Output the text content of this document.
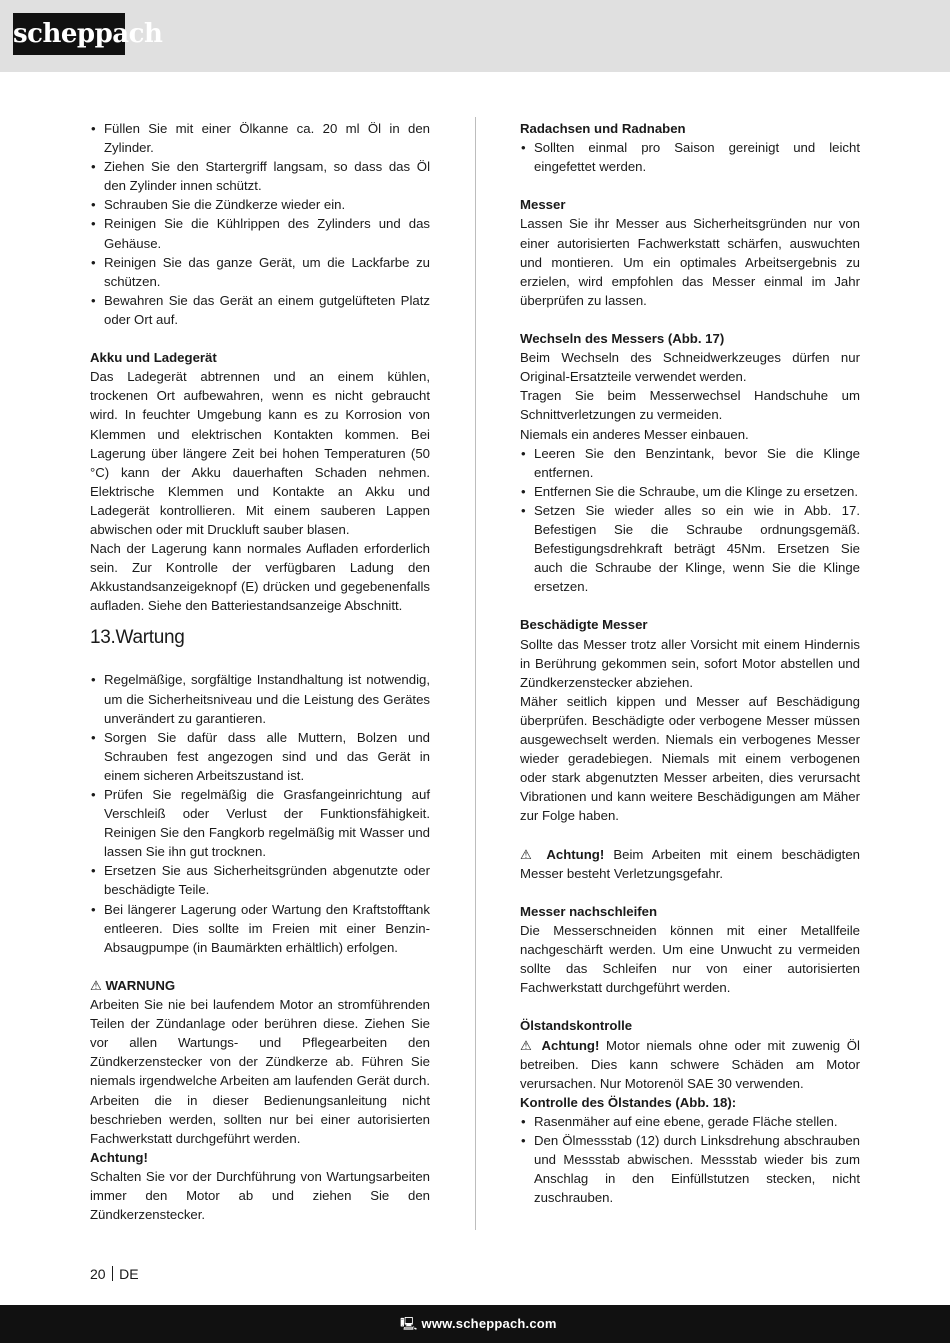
scheppach
• Füllen Sie mit einer Ölkanne ca. 20 ml Öl in den Zylinder.
• Ziehen Sie den Startergriff langsam, so dass das Öl den Zylinder innen schützt.
• Schrauben Sie die Zündkerze wieder ein.
• Reinigen Sie die Kühlrippen des Zylinders und das Gehäuse.
• Reinigen Sie das ganze Gerät, um die Lackfarbe zu schützen.
• Bewahren Sie das Gerät an einem gutgelüfteten Platz oder Ort auf.

Akku und Ladegerät

Das Ladegerät abtrennen und an einem kühlen, trockenen Ort aufbewahren, wenn es nicht gebraucht wird. In feuchter Umgebung kann es zu Korrosion von Klemmen und elektrischen Kontakten kommen. Bei Lagerung über längere Zeit bei hohen Temperaturen (50 °C) kann der Akku dauerhaften Schaden nehmen. Elektrische Klemmen und Kontakte an Akku und Ladegerät kontrollieren. Mit einem sauberen Lappen abwischen oder mit Druckluft sauber blasen.

Nach der Lagerung kann normales Aufladen erforderlich sein. Zur Kontrolle der verfügbaren Ladung den Akkustandsanzeigeknopf (E) drücken und gegebenenfalls aufladen. Siehe den Batteriestandsanzeige Abschnitt.

13.Wartung
• Regelmäßige, sorgfältige Instandhaltung ist notwendig, um die Sicherheitsniveau und die Leistung des Gerätes unverändert zu garantieren.
• Sorgen Sie dafür dass alle Muttern, Bolzen und Schrauben fest angezogen sind und das Gerät in einem sicheren Arbeitszustand ist.
• Prüfen Sie regelmäßig die Grasfangeinrichtung auf Verschleiß oder Verlust der Funktionsfähigkeit. Reinigen Sie den Fangkorb regelmäßig mit Wasser und lassen Sie ihn gut trocknen.
• Ersetzen Sie aus Sicherheitsgründen abgenutzte oder beschädigte Teile.
• Bei längerer Lagerung oder Wartung den Kraftstofftank entleeren. Dies sollte im Freien mit einer Benzin-Absaugpumpe (in Baumärkten erhältlich) erfolgen.

⚠ WARNUNG

Arbeiten Sie nie bei laufendem Motor an stromführenden Teilen der Zündanlage oder berühren diese. Ziehen Sie vor allen Wartungs- und Pflegearbeiten den Zündkerzenstecker von der Zündkerze ab. Führen Sie niemals irgendwelche Arbeiten am laufenden Gerät durch. Arbeiten die in dieser Bedienungsanleitung nicht beschrieben werden, sollten nur bei einer autorisierten Fachwerkstatt durchgeführt werden.

Achtung!

Schalten Sie vor der Durchführung von Wartungsarbeiten immer den Motor ab und ziehen Sie den Zündkerzenstecker.

Radachsen und Radnaben

• Sollten einmal pro Saison gereinigt und leicht eingefettet werden.

Messer

Lassen Sie ihr Messer aus Sicherheitsgründen nur von einer autorisierten Fachwerkstatt schärfen, auswuchten und montieren. Um ein optimales Arbeitsergebnis zu erzielen, wird empfohlen das Messer einmal im Jahr überprüfen zu lassen.

Wechseln des Messers (Abb. 17)

Beim Wechseln des Schneidwerkzeuges dürfen nur Original-Ersatzteile verwendet werden.

Tragen Sie beim Messerwechsel Handschuhe um Schnittverletzungen zu vermeiden.

Niemals ein anderes Messer einbauen.

• Leeren Sie den Benzintank, bevor Sie die Klinge entfernen.
• Entfernen Sie die Schraube, um die Klinge zu ersetzen.
• Setzen Sie wieder alles so ein wie in Abb. 17. Befestigen Sie die Schraube ordnungsgemäß. Befestigungsdrehkraft beträgt 45Nm. Ersetzen Sie auch die Schraube der Klinge, wenn Sie die Klinge ersetzen.

Beschädigte Messer

Sollte das Messer trotz aller Vorsicht mit einem Hindernis in Berührung gekommen sein, sofort Motor abstellen und Zündkerzenstecker abziehen.

Mäher seitlich kippen und Messer auf Beschädigung überprüfen. Beschädigte oder verbogene Messer müssen ausgewechselt werden. Niemals ein verbogenes Messer wieder geradebiegen. Niemals mit einem verbogenen oder stark abgenutzten Messer arbeiten, dies verursacht Vibrationen und kann weitere Beschädigungen am Mäher zur Folge haben.

⚠ Achtung! Beim Arbeiten mit einem beschädigten Messer besteht Verletzungsgefahr.

Messer nachschleifen

Die Messerschneiden können mit einer Metallfeile nachgeschärft werden. Um eine Unwucht zu vermeiden sollte das Schleifen nur von einer autorisierten Fachwerkstatt durchgeführt werden.

Ölstandskontrolle

⚠ Achtung! Motor niemals ohne oder mit zuwenig Öl betreiben. Dies kann schwere Schäden am Motor verursachen. Nur Motorenöl SAE 30 verwenden.

Kontrolle des Ölstandes (Abb. 18):

• Rasenmäher auf eine ebene, gerade Fläche stellen.
• Den Ölmessstab (12) durch Linksdrehung abschrauben und Messstab abwischen. Messstab wieder bis zum Anschlag in den Einfüllstutzen stecken, nicht zuschrauben.
20 DE
🖳 www.scheppach.com
